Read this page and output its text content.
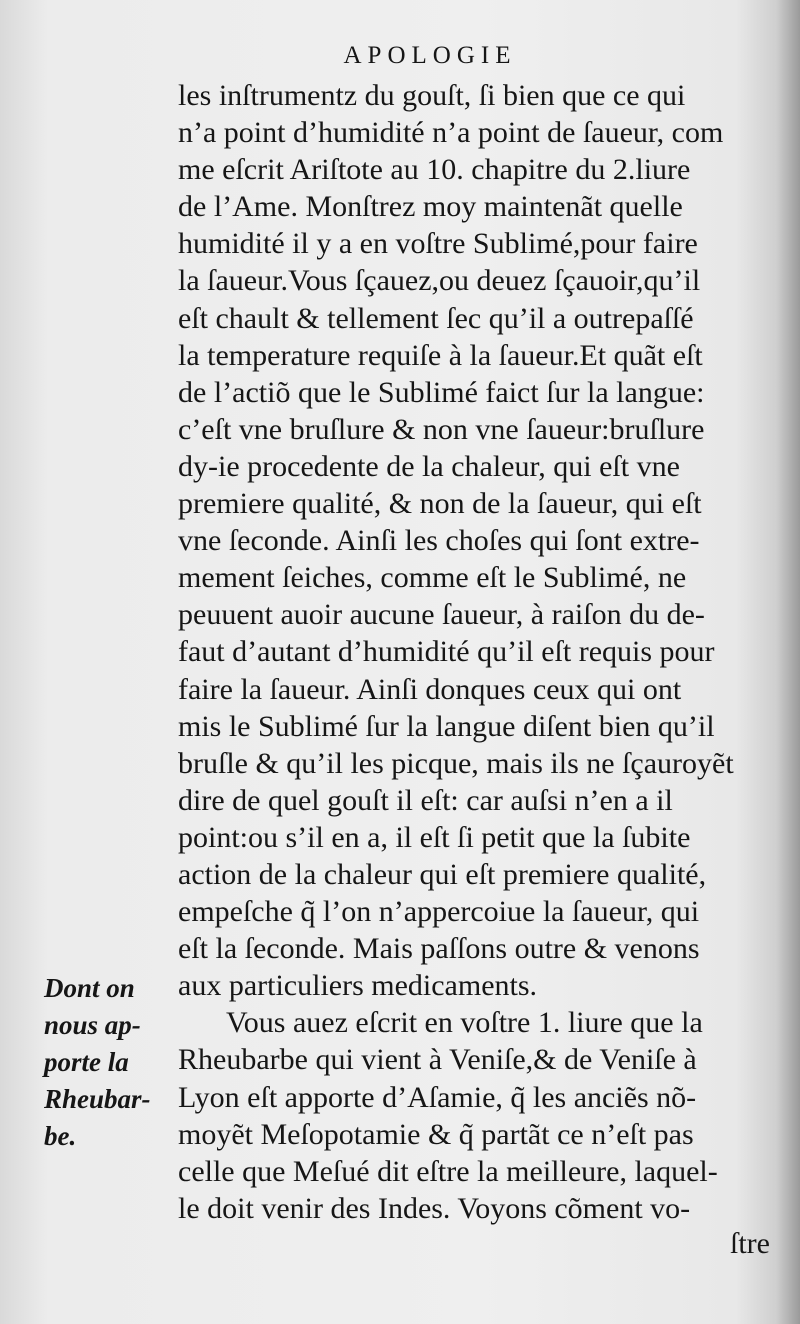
APOLOGIE
les inſtrumentz du gouſt, ſi bien que ce qui
n’a point d’humidité n’a point de ſaueur, com
me eſcrit Ariſtote au 10. chapitre du 2.liure
de l’Ame. Monſtrez moy maintenãt quelle
humidité il y a en voſtre Sublimé,pour faire
la ſaueur.Vous ſçauez,ou deuez ſçauoir,qu’il
eſt chault & tellement ſec qu’il a outrepaſſé
la temperature requiſe à la ſaueur.Et quãt eſt
de l’actiõ que le Sublimé faict ſur la langue:
c’eſt vne bruſlure & non vne ſaueur:bruſlure
dy-ie procedente de la chaleur, qui eſt vne
premiere qualité, & non de la ſaueur, qui eſt
vne ſeconde. Ainſi les choſes qui ſont extre-
mement ſeiches, comme eſt le Sublimé, ne
peuuent auoir aucune ſaueur, à raiſon du de-
faut d’autant d’humidité qu’il eſt requis pour
faire la ſaueur. Ainſi donques ceux qui ont
mis le Sublimé ſur la langue diſent bien qu’il
bruſle & qu’il les picque, mais ils ne ſçauroyẽt
dire de quel gouſt il eſt: car auſsi n’en a il
point:ou s’il en a, il eſt ſi petit que la ſubite
action de la chaleur qui eſt premiere qualité,
empeſche q̃ l’on n’appercoiue la ſaueur, qui
eſt la ſeconde. Mais paſſons outre & venons
aux particuliers medicaments.
Vous auez eſcrit en voſtre 1. liure que la
Rheubarbe qui vient à Veniſe,& de Veniſe à
Lyon eſt apporte d’Aſamie, q̃ les anciẽs nõ-
moyẽt Meſopotamie & q̃ partãt ce n’eſt pas
celle que Meſué dit eſtre la meilleure, laquel-
le doit venir des Indes. Voyons cõment vo-
ſtre
Dont on
nous ap-
porte la
Rheubar-
be.
